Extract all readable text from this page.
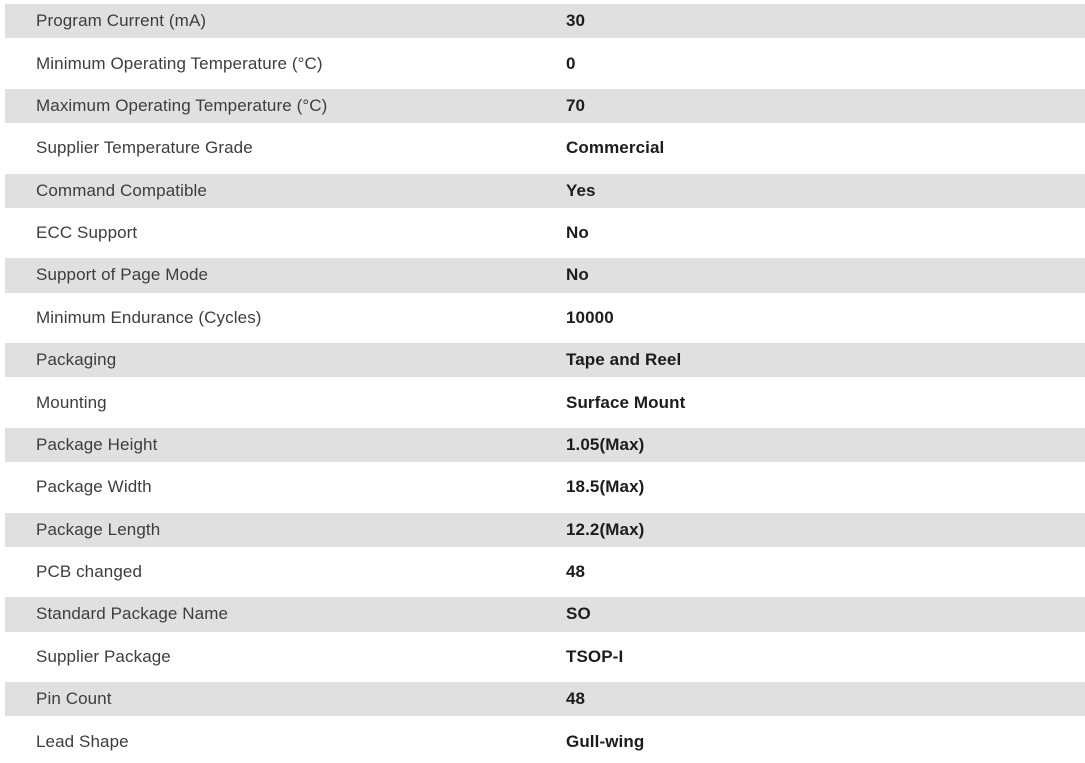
Program Current (mA)	30
Minimum Operating Temperature (°C)	0
Maximum Operating Temperature (°C)	70
Supplier Temperature Grade	Commercial
Command Compatible	Yes
ECC Support	No
Support of Page Mode	No
Minimum Endurance (Cycles)	10000
Packaging	Tape and Reel
Mounting	Surface Mount
Package Height	1.05(Max)
Package Width	18.5(Max)
Package Length	12.2(Max)
PCB changed	48
Standard Package Name	SO
Supplier Package	TSOP-I
Pin Count	48
Lead Shape	Gull-wing
